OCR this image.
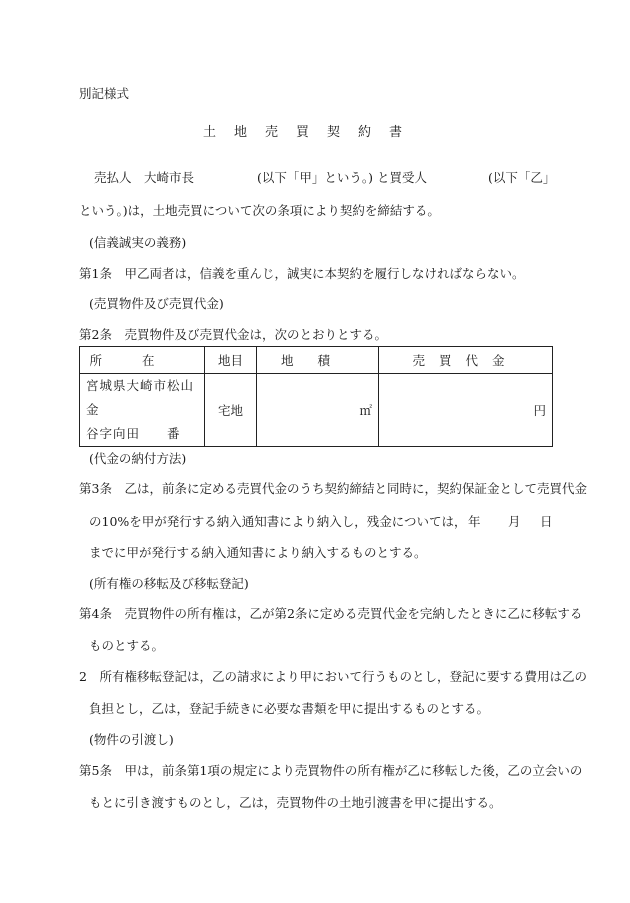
別記様式
土地売買契約書
売払人　大崎市長	(以下「甲」という。) と買受人	(以下「乙」
という。)は，土地売買について次の条項により契約を締結する。
(信義誠実の義務)
第1条　甲乙両者は，信義を重んじ，誠実に本契約を履行しなければならない。
(売買物件及び売買代金)
第2条　売買物件及び売買代金は，次のとおりとする。
所在	地目	地積	売買代金

宮城県大崎市松山金
谷字向田　　番	宅地	㎡	円
(代金の納付方法)
第3条　乙は，前条に定める売買代金のうち契約締結と同時に，契約保証金として売買代金
の10%を甲が発行する納入通知書により納入し，残金については， 年 月 日
までに甲が発行する納入通知書により納入するものとする。
(所有権の移転及び移転登記)
第4条　売買物件の所有権は，乙が第2条に定める売買代金を完納したときに乙に移転する
ものとする。
2　所有権移転登記は，乙の請求により甲において行うものとし，登記に要する費用は乙の
負担とし，乙は，登記手続きに必要な書類を甲に提出するものとする。
(物件の引渡し)
第5条　甲は，前条第1項の規定により売買物件の所有権が乙に移転した後，乙の立会いの
もとに引き渡すものとし，乙は，売買物件の土地引渡書を甲に提出する。
